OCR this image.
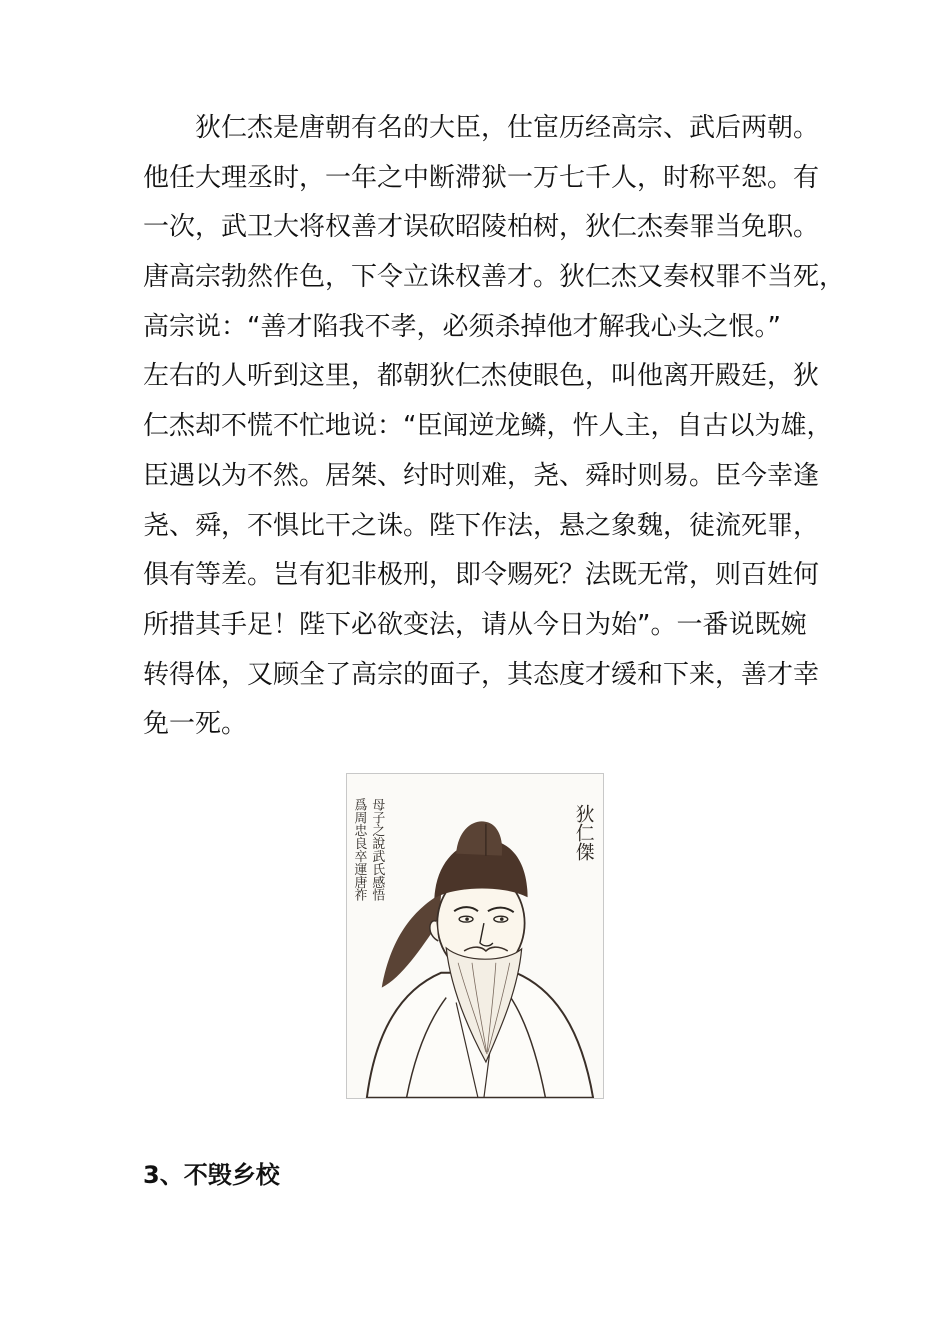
狄仁杰是唐朝有名的大臣，仕宦历经高宗、武后两朝。
他任大理丞时，一年之中断滞狱一万七千人，时称平恕。有
一次，武卫大将权善才误砍昭陵柏树，狄仁杰奏罪当免职。
唐高宗勃然作色，下令立诛权善才。狄仁杰又奏权罪不当死，
高宗说：“善才陷我不孝，必须杀掉他才解我心头之恨。”
左右的人听到这里，都朝狄仁杰使眼色，叫他离开殿廷，狄
仁杰却不慌不忙地说：“臣闻逆龙鳞，忤人主，自古以为雄，
臣遇以为不然。居桀、纣时则难，尧、舜时则易。臣今幸逢
尧、舜，不惧比干之诛。陛下作法，悬之象魏，徒流死罪，
俱有等差。岂有犯非极刑，即令赐死？法既无常，则百姓何
所措其手足！陛下必欲变法，请从今日为始”。一番说既婉
转得体，又顾全了高宗的面子，其态度才缓和下来，善才幸
免一死。
狄仁傑
母子之說武氏感悟
爲周忠良卒運唐祚
3、不毁乡校
